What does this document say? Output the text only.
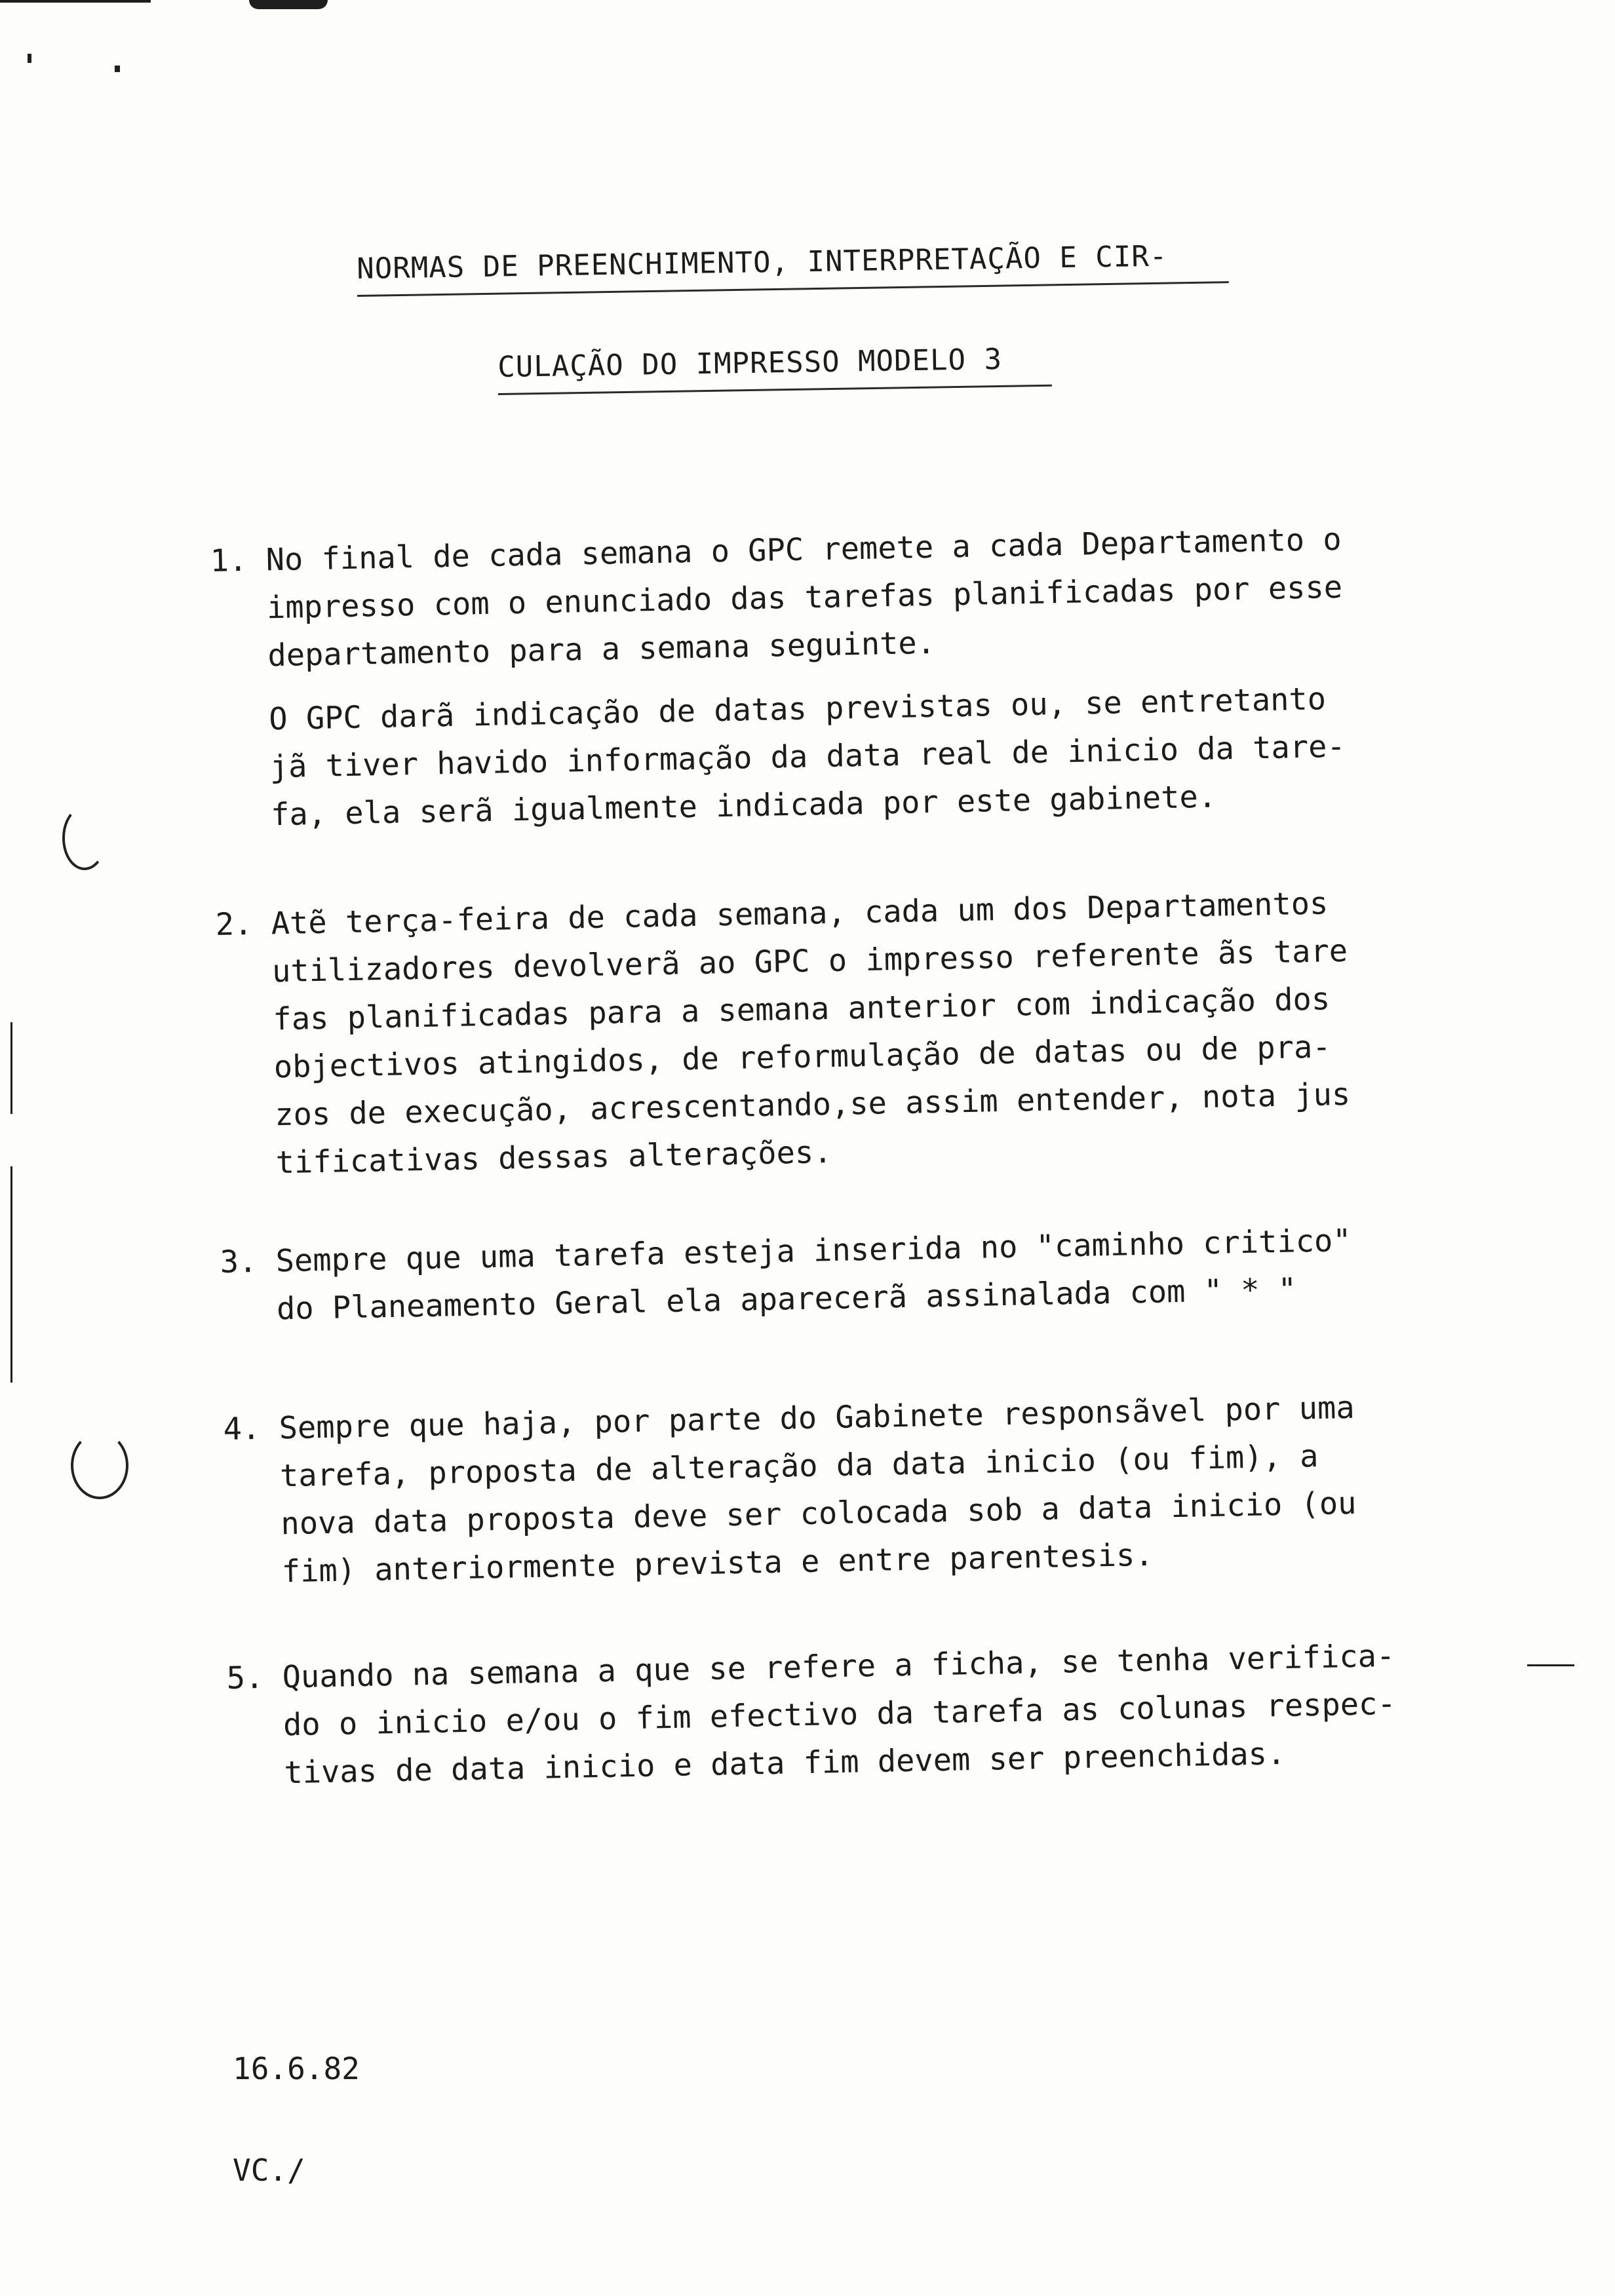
NORMAS DE PREENCHIMENTO, INTERPRETAÇÃO E CIR-
CULAÇÃO DO IMPRESSO MODELO 3
1. No final de cada semana o GPC remete a cada Departamento o
impresso com o enunciado das tarefas planificadas por esse
departamento para a semana seguinte.
O GPC darã indicação de datas previstas ou, se entretanto
jã tiver havido informação da data real de inicio da tare-
fa, ela serã igualmente indicada por este gabinete.
2. Atẽ terça-feira de cada semana, cada um dos Departamentos
utilizadores devolverã ao GPC o impresso referente ãs tare
fas planificadas para a semana anterior com indicação dos
objectivos atingidos, de reformulação de datas ou de pra-
zos de execução, acrescentando,se assim entender, nota jus
tificativas dessas alterações.
3. Sempre que uma tarefa esteja inserida no "caminho critico"
do Planeamento Geral ela aparecerã assinalada com " * "
4. Sempre que haja, por parte do Gabinete responsãvel por uma
tarefa, proposta de alteração da data inicio (ou fim), a
nova data proposta deve ser colocada sob a data inicio (ou
fim) anteriormente prevista e entre parentesis.
5. Quando na semana a que se refere a ficha, se tenha verifica-
do o inicio e/ou o fim efectivo da tarefa as colunas respec-
tivas de data inicio e data fim devem ser preenchidas.
16.6.82
VC./
